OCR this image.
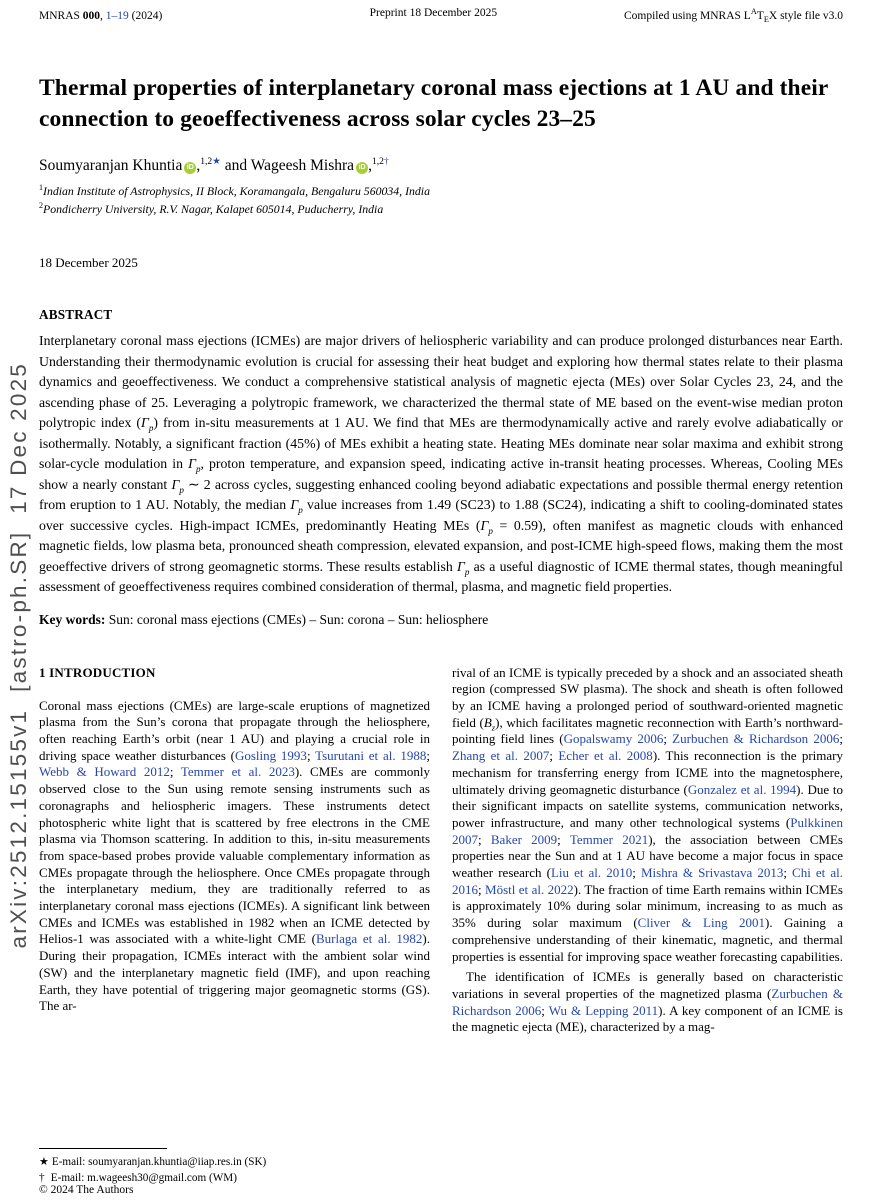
arXiv:2512.15155v1  [astro-ph.SR]  17 Dec 2025
MNRAS 000, 1–19 (2024)	Preprint 18 December 2025	Compiled using MNRAS $L^AT_EX$ style file v3.0
Thermal properties of interplanetary coronal mass ejections at 1 AU and their connection to geoeffectiveness across solar cycles 23–25
Soumyaranjan Khuntia iD ,$^{1,2★}$ and Wageesh Mishra iD ,$^{1,2\dagger}$
$^1$Indian Institute of Astrophysics, II Block, Koramangala, Bengaluru 560034, India
$^2$Pondicherry University, R.V. Nagar, Kalapet 605014, Puducherry, India
18 December 2025
ABSTRACT

Interplanetary coronal mass ejections (ICMEs) are major drivers of heliospheric variability and can produce prolonged disturbances near Earth. Understanding their thermodynamic evolution is crucial for assessing their heat budget and exploring how thermal states relate to their plasma dynamics and geoeffectiveness. We conduct a comprehensive statistical analysis of magnetic ejecta (MEs) over Solar Cycles 23, 24, and the ascending phase of 25. Leveraging a polytropic framework, we characterized the thermal state of ME based on the event-wise median proton polytropic index $(\Gamma_p)$ from in-situ measurements at 1 AU. We find that MEs are thermodynamically active and rarely evolve adiabatically or isothermally. Notably, a significant fraction (45%) of MEs exhibit a heating state. Heating MEs dominate near solar maxima and exhibit strong solar-cycle modulation in $\Gamma_p$, proton temperature, and expansion speed, indicating active in-transit heating processes. Whereas, Cooling MEs show a nearly constant $\Gamma_p$ ∼ 2 across cycles, suggesting enhanced cooling beyond adiabatic expectations and possible thermal energy retention from eruption to 1 AU. Notably, the median $\Gamma_p$ value increases from 1.49 (SC23) to 1.88 (SC24), indicating a shift to cooling-dominated states over successive cycles. High-impact ICMEs, predominantly Heating MEs $(\Gamma_p = 0.59)$, often manifest as magnetic clouds with enhanced magnetic fields, low plasma beta, pronounced sheath compression, elevated expansion, and post-ICME high-speed flows, making them the most geoeffective drivers of strong geomagnetic storms. These results establish $\Gamma_p$ as a useful diagnostic of ICME thermal states, though meaningful assessment of geoeffectiveness requires combined consideration of thermal, plasma, and magnetic field properties.

Key words: Sun: coronal mass ejections (CMEs) – Sun: corona – Sun: heliosphere
1 INTRODUCTION

Coronal mass ejections (CMEs) are large-scale eruptions of magnetized plasma from the Sun’s corona that propagate through the heliosphere, often reaching Earth’s orbit (near 1 AU) and playing a crucial role in driving space weather disturbances (Gosling 1993; Tsurutani et al. 1988; Webb & Howard 2012; Temmer et al. 2023). CMEs are commonly observed close to the Sun using remote sensing instruments such as coronagraphs and heliospheric imagers. These instruments detect photospheric white light that is scattered by free electrons in the CME plasma via Thomson scattering. In addition to this, in-situ measurements from space-based probes provide valuable complementary information as CMEs propagate through the heliosphere. Once CMEs propagate through the interplanetary medium, they are traditionally referred to as interplanetary coronal mass ejections (ICMEs). A significant link between CMEs and ICMEs was established in 1982 when an ICME detected by Helios-1 was associated with a white-light CME (Burlaga et al. 1982). During their propagation, ICMEs interact with the ambient solar wind (SW) and the interplanetary magnetic field (IMF), and upon reaching Earth, they have potential of triggering major geomagnetic storms (GS). The ar-

rival of an ICME is typically preceded by a shock and an associated sheath region (compressed SW plasma). The shock and sheath is often followed by an ICME having a prolonged period of southward-oriented magnetic field $(B_z)$, which facilitates magnetic reconnection with Earth’s northward-pointing field lines (Gopalswamy 2006; Zurbuchen & Richardson 2006; Zhang et al. 2007; Echer et al. 2008). This reconnection is the primary mechanism for transferring energy from ICME into the magnetosphere, ultimately driving geomagnetic disturbance (Gonzalez et al. 1994). Due to their significant impacts on satellite systems, communication networks, power infrastructure, and many other technological systems (Pulkkinen 2007; Baker 2009; Temmer 2021), the association between CMEs properties near the Sun and at 1 AU have become a major focus in space weather research (Liu et al. 2010; Mishra & Srivastava 2013; Chi et al. 2016; Möstl et al. 2022). The fraction of time Earth remains within ICMEs is approximately 10% during solar minimum, increasing to as much as 35% during solar maximum (Cliver & Ling 2001). Gaining a comprehensive understanding of their kinematic, magnetic, and thermal properties is essential for improving space weather forecasting capabilities.

The identification of ICMEs is generally based on characteristic variations in several properties of the magnetized plasma (Zurbuchen & Richardson 2006; Wu & Lepping 2011). A key component of an ICME is the magnetic ejecta (ME), characterized by a mag-

★ E-mail: soumyaranjan.khuntia@iiap.res.in (SK)
† E-mail: m.wageesh30@gmail.com (WM)
© 2024 The Authors
